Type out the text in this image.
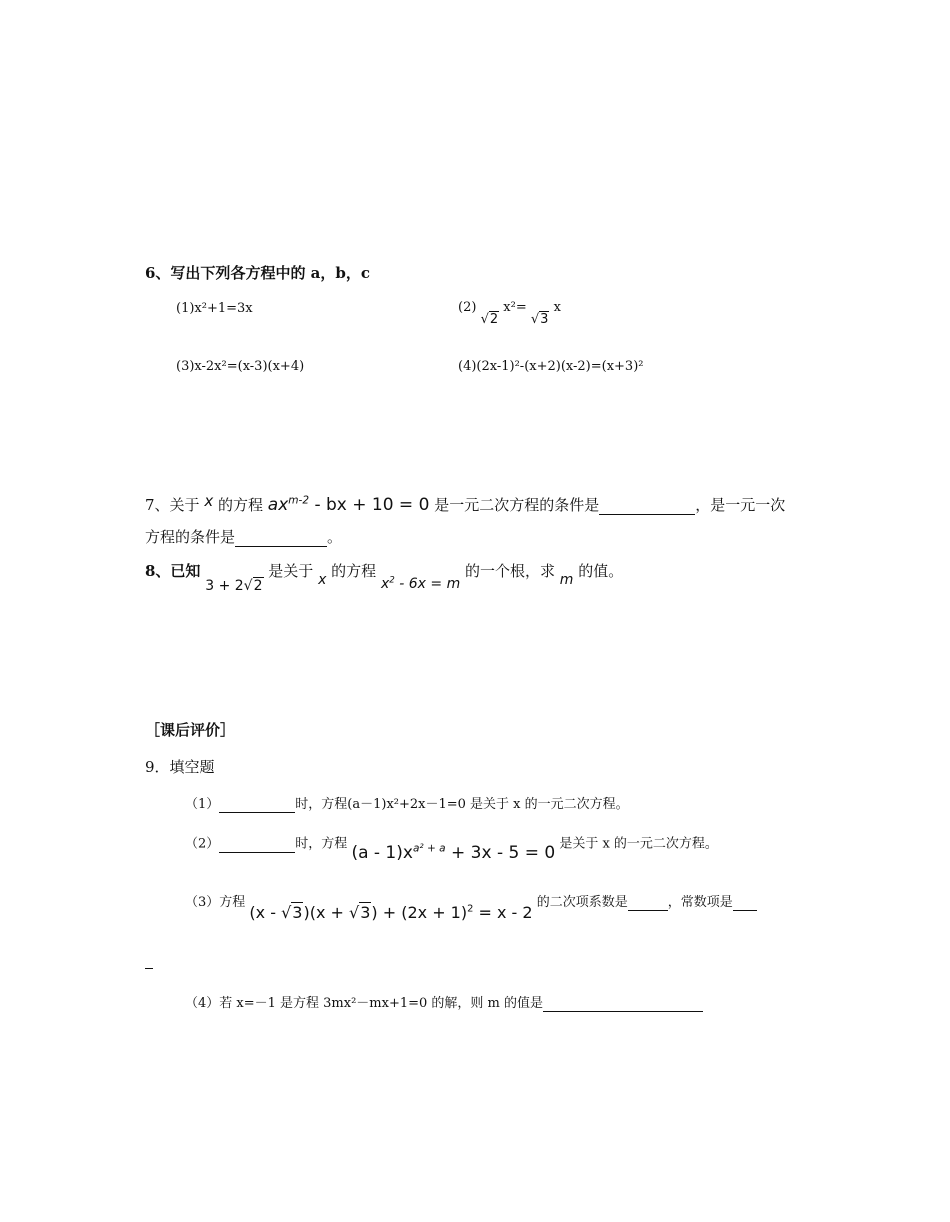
6、写出下列各方程中的 a，b，c
(1)x²+1=3x	(2) √2 x²= √3 x
(3)x-2x²=(x-3)(x+4)	(4)(2x-1)²-(x+2)(x-2)=(x+3)²
7、关于 x 的方程 $ax^{m-2}$ - bx + 10 = 0 是一元二次方程的条件是	，是一元一次
方程的条件是	。
8、已知 3 + 2√2 是关于 x 的方程 $x^2 - 6x = m$ 的一个根，求 m 的值。
［课后评价］
9．填空题
（1）	时，方程(a－1)x²+2x－1=0 是关于 x 的一元二次方程。
（2）	时，方程 $(a - 1)x^{a^2 + a} + 3x - 5 = 0$ 是关于 x 的一元二次方程。
（3）方程 $(x - √3)(x + √3) + (2x + 1)^2 = x - 2$ 的二次项系数是	，常数项是
（4）若 x=－1 是方程 3mx²－mx+1=0 的解，则 m 的值是
